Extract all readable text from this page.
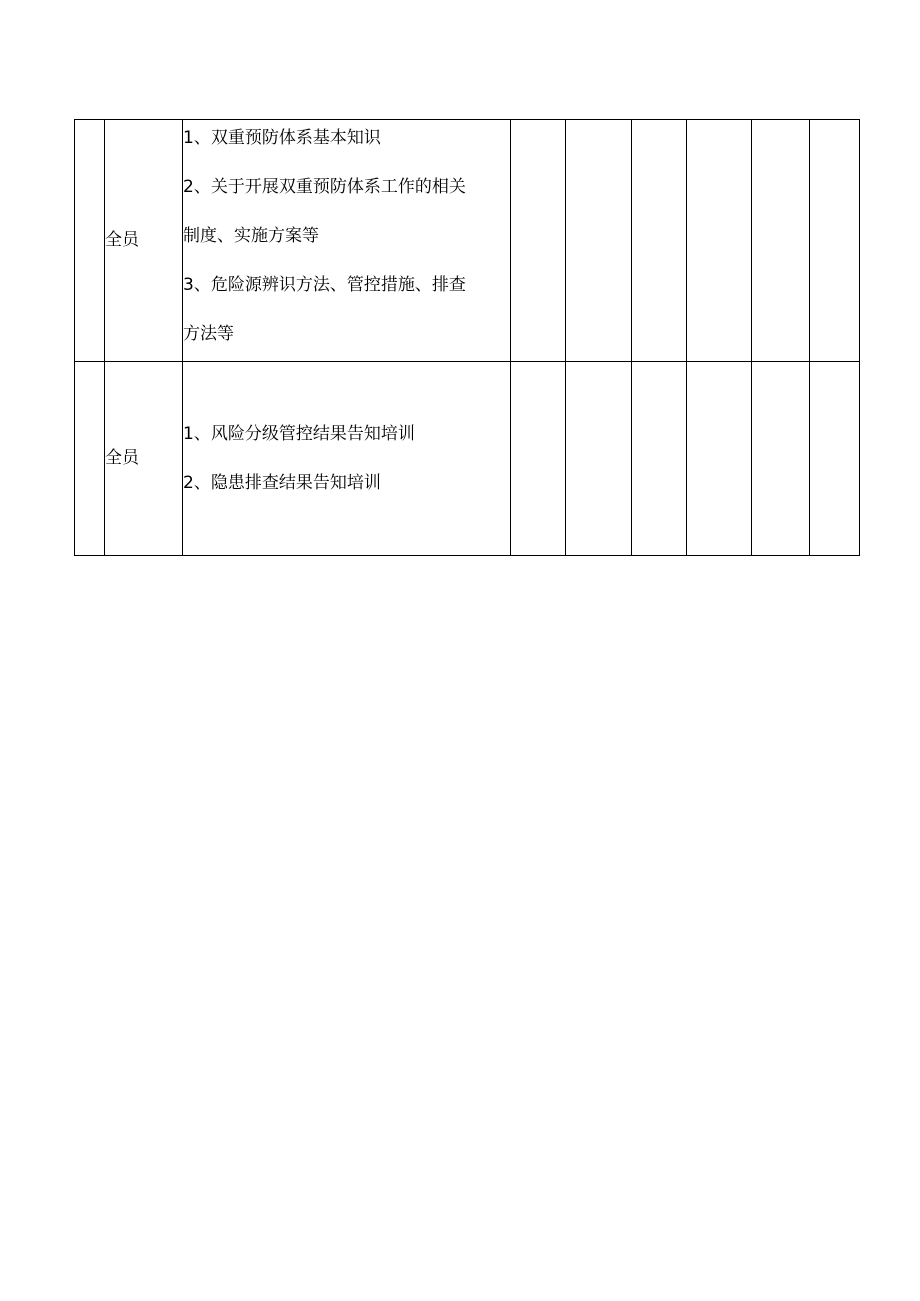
	全员	1、双重预防体系基本知识
2、关于开展双重预防体系工作的相关
制度、实施方案等
3、危险源辨识方法、管控措施、排查
方法等						

	全员	1、风险分级管控结果告知培训
2、隐患排查结果告知培训						
